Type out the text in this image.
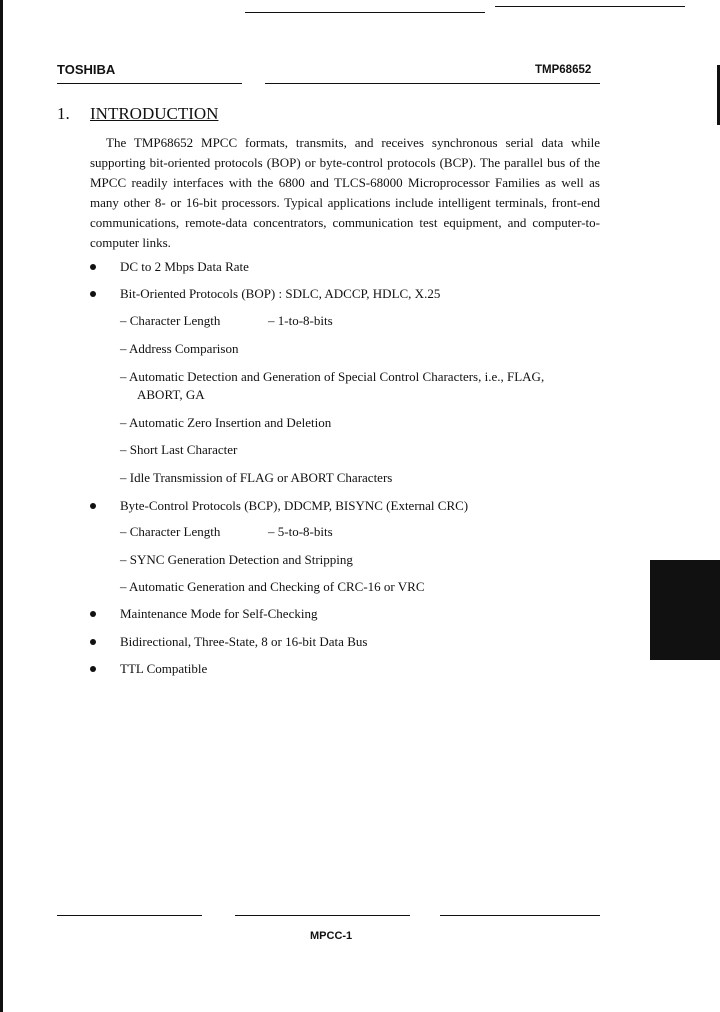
TOSHIBA	TMP68652
1. INTRODUCTION
The TMP68652 MPCC formats, transmits, and receives synchronous serial data while supporting bit-oriented protocols (BOP) or byte-control protocols (BCP). The parallel bus of the MPCC readily interfaces with the 6800 and TLCS-68000 Microprocessor Families as well as many other 8- or 16-bit processors. Typical applications include intelligent terminals, front-end communications, remote-data concentrators, communication test equipment, and computer-to-computer links.
DC to 2 Mbps Data Rate
Bit-Oriented Protocols (BOP) : SDLC, ADCCP, HDLC, X.25
– Character Length	– 1-to-8-bits
– Address Comparison
– Automatic Detection and Generation of Special Control Characters, i.e., FLAG,
ABORT, GA
– Automatic Zero Insertion and Deletion
– Short Last Character
– Idle Transmission of FLAG or ABORT Characters
Byte-Control Protocols (BCP), DDCMP, BISYNC (External CRC)
– Character Length	– 5-to-8-bits
– SYNC Generation Detection and Stripping
– Automatic Generation and Checking of CRC-16 or VRC
Maintenance Mode for Self-Checking
Bidirectional, Three-State, 8 or 16-bit Data Bus
TTL Compatible
MPCC-1
